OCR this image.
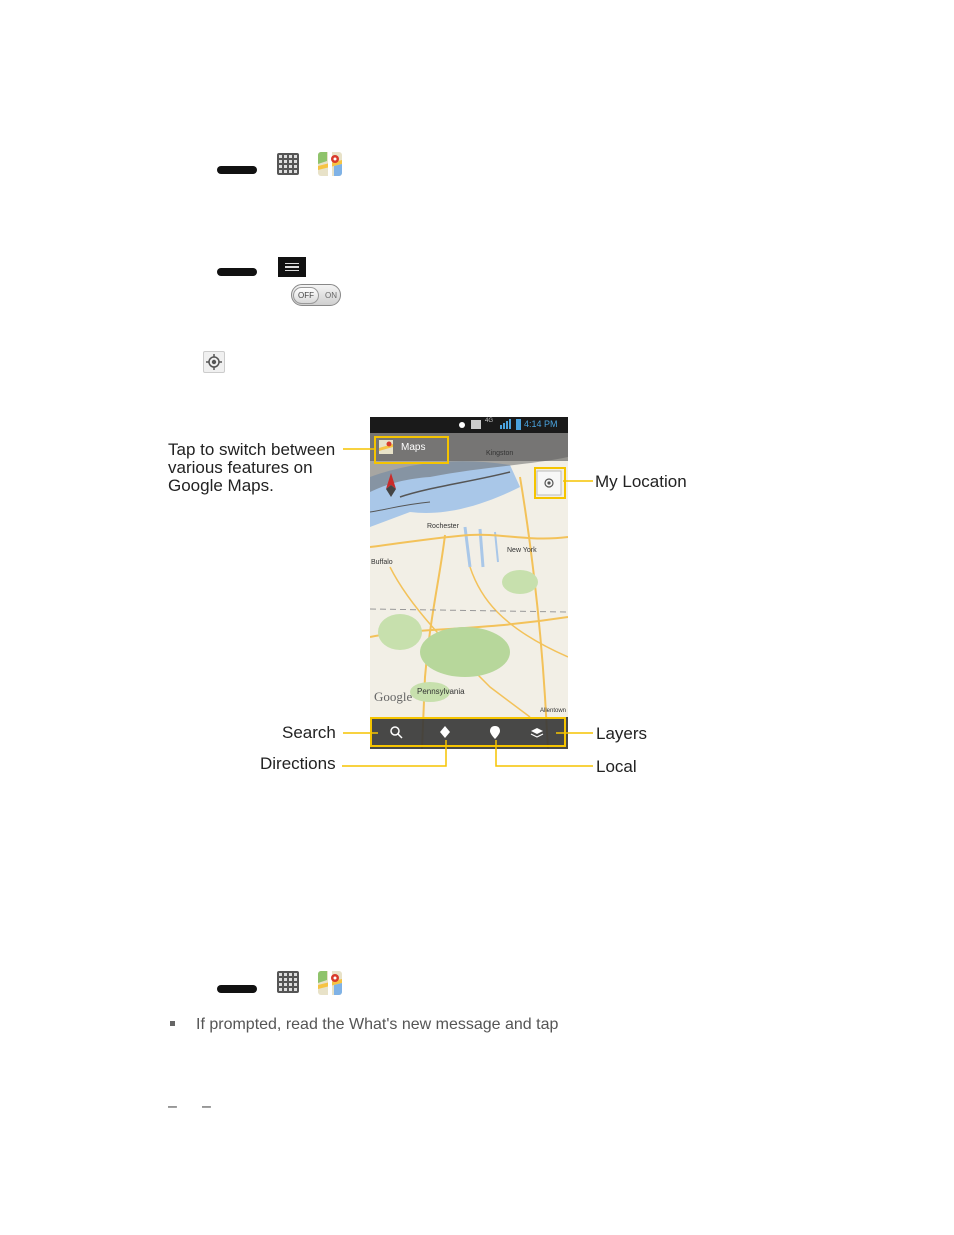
OFF	ON
4:14 PM
4G
Maps
Kingston
Rochester
New York
Buffalo
Pennsylvania
Allentown
Google
Tap to switch between
various features on
Google Maps.	My Location
Search
Directions
Layers
Local
If prompted, read the What's new message and tap
– –
